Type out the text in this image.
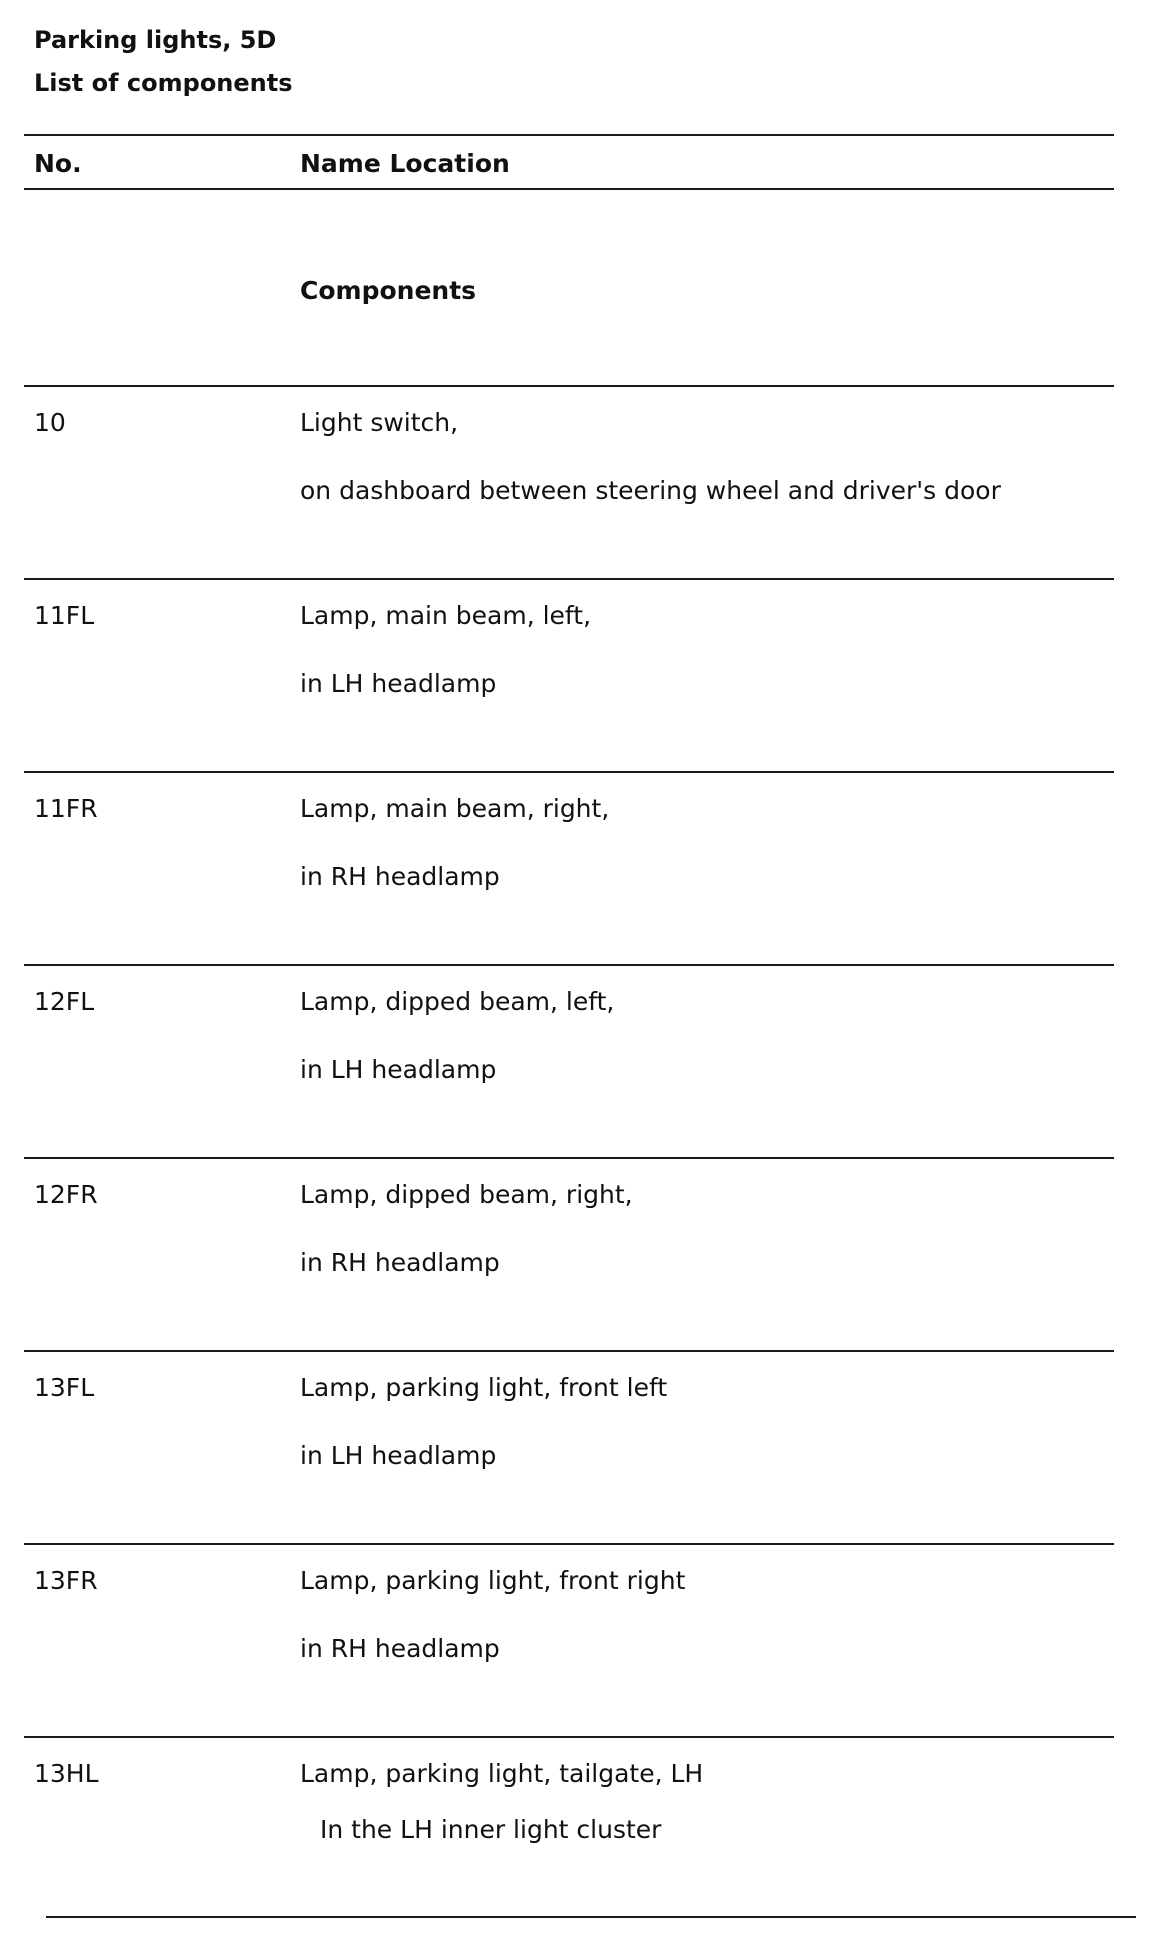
Parking lights, 5D
List of components
No.	Name Location
Components
10	Light switch,
on dashboard between steering wheel and driver's door
11FL	Lamp, main beam, left,
in LH headlamp
11FR	Lamp, main beam, right,
in RH headlamp
12FL	Lamp, dipped beam, left,
in LH headlamp
12FR	Lamp, dipped beam, right,
in RH headlamp
13FL	Lamp, parking light, front left
in LH headlamp
13FR	Lamp, parking light, front right
in RH headlamp
13HL	Lamp, parking light, tailgate, LH
In the LH inner light cluster
